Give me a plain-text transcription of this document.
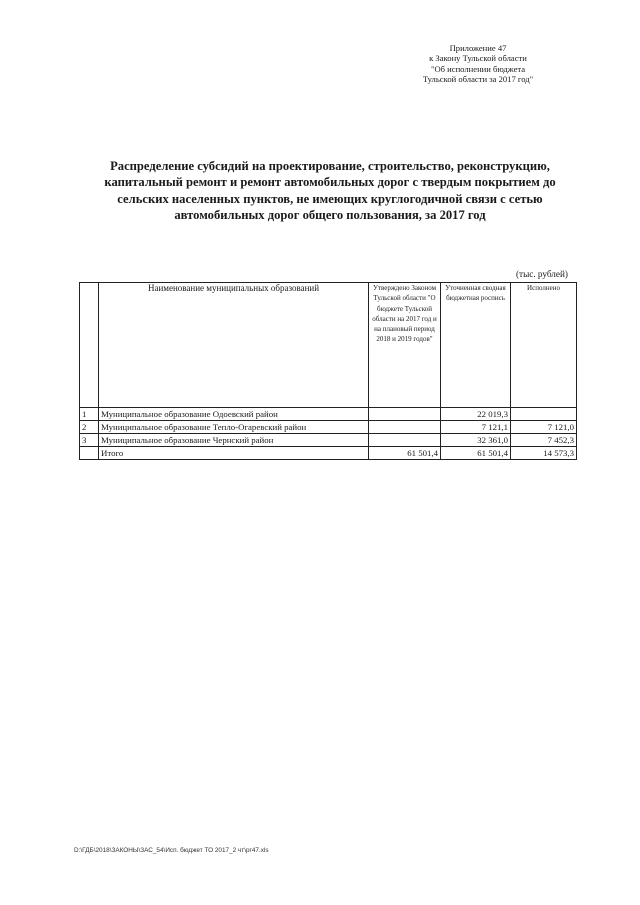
Приложение 47
к Закону Тульской области
"Об исполнении бюджета
Тульской области за 2017 год"
Распределение субсидий на проектирование, строительство, реконструкцию,
капитальный ремонт и ремонт автомобильных дорог с твердым покрытием до
сельских населенных пунктов, не имеющих круглогодичной связи с сетью
автомобильных дорог общего пользования, за 2017 год
(тыс. рублей)
	Наименование муниципальных образований	Утверждено Законом Тульской области "О бюджете Тульской области на 2017 год и на плановый период 2018 и 2019 годов"	Уточненная сводная бюджетная роспись	Исполнено
1	Муниципальное образование Одоевский район		22 019,3	
2	Муниципальное образование Тепло-Огаревский район		7 121,1	7 121,0
3	Муниципальное образование Чернский район		32 361,0	7 452,3
	Итого	61 501,4	61 501,4	14 573,3
D:\ГДБ\2018\ЗАКОНЫ\ЗАС_54\Исп. бюджет ТО 2017_2 чт\рг47.xls
